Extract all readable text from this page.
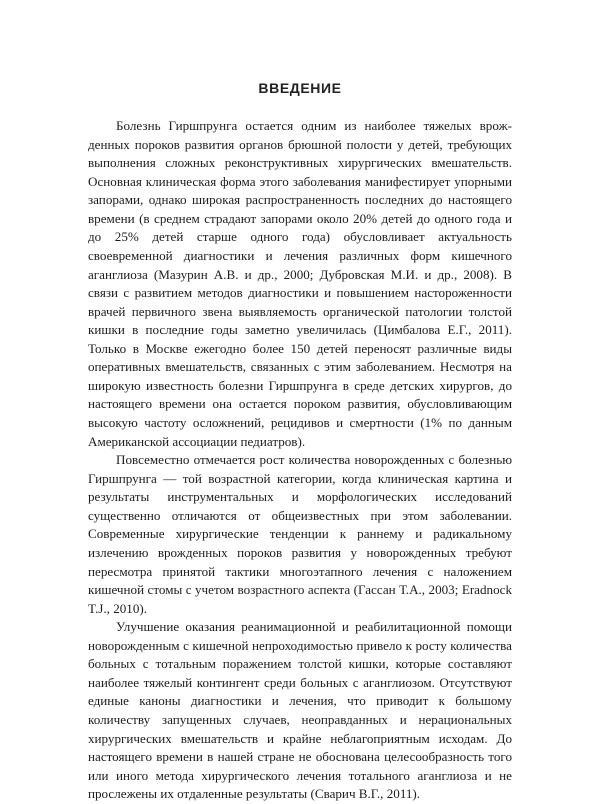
ВВЕДЕНИЕ

Болезнь Гиршпрунга остается одним из наиболее тяжелых врожденных пороков развития органов брюшной полости у детей, требующих выполнения сложных реконструктивных хирургических вмешательств. Основная клиническая форма этого заболевания манифестирует упорными запорами, однако широкая распространенность последних до настоящего времени (в среднем страдают запорами около 20% детей до одного года и до 25% детей старше одного года) обусловливает актуальность своевременной диагностики и лечения различных форм кишечного аганглиоза (Мазурин А.В. и др., 2000; Дубровская М.И. и др., 2008). В связи с развитием методов диагностики и повышением настороженности врачей первичного звена выявляемость органической патологии толстой кишки в последние годы заметно увеличилась (Цимбалова Е.Г., 2011). Только в Москве ежегодно более 150 детей переносят различные виды оперативных вмешательств, связанных с этим заболеванием. Несмотря на широкую известность болезни Гиршпрунга в среде детских хирургов, до настоящего времени она остается пороком развития, обусловливающим высокую частоту осложнений, рецидивов и смертности (1% по данным Американской ассоциации педиатров).

Повсеместно отмечается рост количества новорожденных с болезнью Гиршпрунга — той возрастной категории, когда клиническая картина и результаты инструментальных и морфологических исследований существенно отличаются от общеизвестных при этом заболевании. Современные хирургические тенденции к раннему и радикальному излечению врожденных пороков развития у новорожденных требуют пересмотра принятой тактики многоэтапного лечения с наложением кишечной стомы с учетом возрастного аспекта (Гассан Т.А., 2003; Eradnock T.J., 2010).

Улучшение оказания реанимационной и реабилитационной помощи новорожденным с кишечной непроходимостью привело к росту количества больных с тотальным поражением толстой кишки, которые составляют наиболее тяжелый контингент среди больных с аганглиозом. Отсутствуют единые каноны диагностики и лечения, что приводит к большому количеству запущенных случаев, неоправданных и нерациональных хирургических вмешательств и крайне неблагоприятным исходам. До настоящего времени в нашей стране не обоснована целесообразность того или иного метода хирургического лечения тотального аганглиоза и не прослежены их отдаленные результаты (Сварич В.Г., 2011).
